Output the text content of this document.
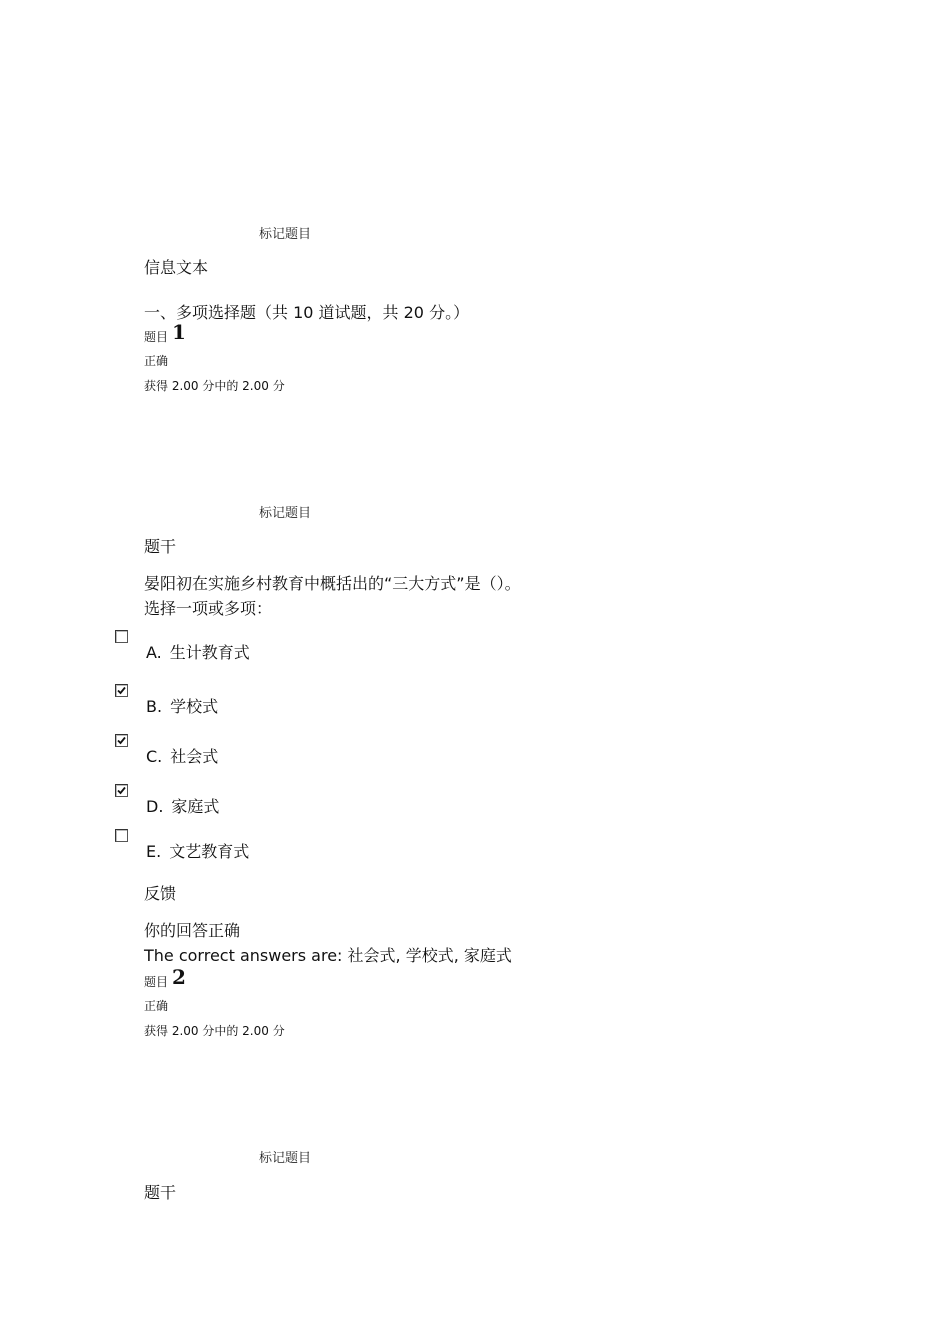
标记题目
信息文本
一、多项选择题（共 10 道试题，共 20 分。）
题目 1
正确
获得 2.00 分中的 2.00 分
标记题目
题干
晏阳初在实施乡村教育中概括出的“三大方式”是（）。
选择一项或多项：
A. 生计教育式
B. 学校式
C. 社会式
D. 家庭式
E. 文艺教育式
反馈
你的回答正确
The correct answers are: 社会式, 学校式, 家庭式
题目 2
正确
获得 2.00 分中的 2.00 分
标记题目
题干
